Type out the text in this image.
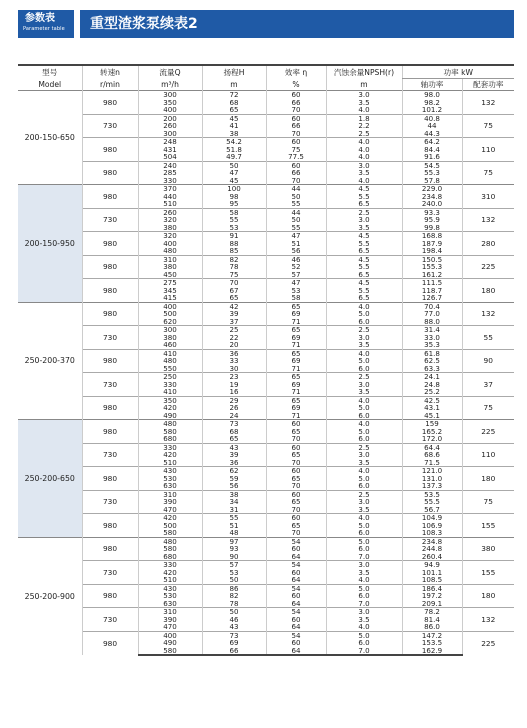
参数表
Parameter table 重型渣浆泵续表2
型号	转速n	流量Q	扬程H	效率 η	汽蚀余量NPSH(r)	功率 kW	
Model	r/min	m³/h	m	%	m	轴功率	配套功率
200-150-650	980	300	72	60	3.0	98.0	132
		350	68	66	3.5	98.2	
		400	65	70	4.0	101.2	
	730	200	45	60	1.8	40.8	75
		260	41	66	2.2	44	
		300	38	70	2.5	44.3	
	980	248	54.2	60	4.0	64.2	110
		431	51.8	75	4.0	84.4	
		504	49.7	77.5	4.0	91.6	
	980	240	50	60	3.0	54.5	75
		285	47	66	3.5	55.3	
		330	45	70	4.0	57.8	
200-150-950	980	370	100	44	4.5	229.0	310
		440	98	50	5.5	234.8	
		510	95	55	6.5	240.0	
	730	260	58	44	2.5	93.3	132
		320	55	50	3.0	95.9	
		380	53	55	3.5	99.8	
	980	320	91	47	4.5	168.8	280
		400	88	51	5.5	187.9	
		480	85	56	6.5	198.4	
	980	310	82	46	4.5	150.5	225
		380	78	52	5.5	155.3	
		450	75	57	6.5	161.2	
	980	275	70	47	4.5	111.5	180
		345	67	53	5.5	118.7	
		415	65	58	6.5	126.7	
250-200-370	980	400	42	65	4.0	70.4	132
		500	39	69	5.0	77.0	
		620	37	71	6.0	88.0	
	730	300	25	65	2.5	31.4	55
		380	22	69	3.0	33.0	
		460	20	71	3.5	35.3	
	980	410	36	65	4.0	61.8	90
		480	33	69	5.0	62.5	
		550	30	71	6.0	63.3	
	730	250	23	65	2.5	24.1	37
		330	19	69	3.0	24.8	
		410	16	71	3.5	25.2	
	980	350	29	65	4.0	42.5	75
		420	26	69	5.0	43.1	
		490	24	71	6.0	45.1	
250-200-650	980	480	73	60	4.0	159	225
		580	68	65	5.0	165.2	
		680	65	70	6.0	172.0	
	730	330	43	60	2.5	64.4	110
		420	39	65	3.0	68.6	
		510	36	70	3.5	71.5	
	980	430	62	60	4.0	121.0	180
		530	59	65	5.0	131.0	
		630	56	70	6.0	137.3	
	730	310	38	60	2.5	53.5	75
		390	34	65	3.0	55.5	
		470	31	70	3.5	56.7	
	980	420	55	60	4.0	104.9	155
		500	51	65	5.0	106.9	
		580	48	70	6.0	108.3	
250-200-900	980	480	97	54	5.0	234.8	380
		580	93	60	6.0	244.8	
		680	90	64	7.0	260.4	
	730	330	57	54	3.0	94.9	155
		420	53	60	3.5	101.1	
		510	50	64	4.0	108.5	
	980	430	86	54	5.0	186.4	180
		530	82	60	6.0	197.2	
		630	78	64	7.0	209.1	
	730	310	50	54	3.0	78.2	132
		390	46	60	3.5	81.4	
		470	43	64	4.0	86.0	
	980	400	73	54	5.0	147.2	225
		490	69	60	6.0	153.5	
		580	66	64	7.0	162.9	
